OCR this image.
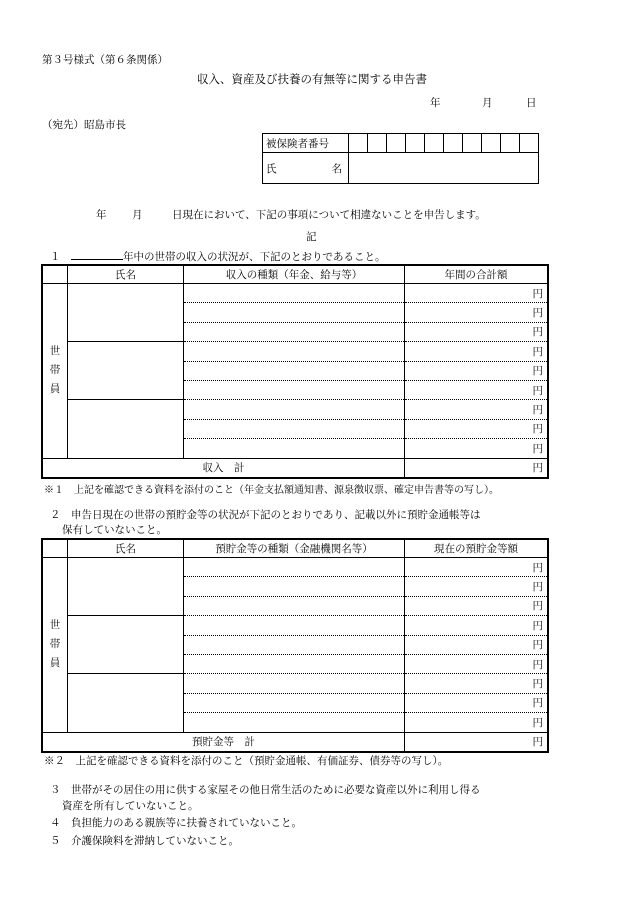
第３号様式（第６条関係）
収入、資産及び扶養の有無等に関する申告書
年	月	日
（宛先）昭島市長
被保険者番号										

氏 名										

年 月	日現在において、下記の事項について相違ないことを申告します。
記
１　	年中の世帯の収入の状況が、下記のとおりであること。
	氏名	収入の種類（年金、給与等）	年間の合計額
世
帯
員			円
			円
			円
			円
			円
			円
			円
			円
			円
収入　計			円
※１　上記を確認できる資料を添付のこと（年金支払額通知書、源泉徴収票、確定申告書等の写し）。
２　 申告日現在の世帯の預貯金等の状況が下記のとおりであり、記載以外に預貯金通帳等は
保有していないこと。
	氏名	預貯金等の種類（金融機関名等）	現在の預貯金等額
世
帯
員			円
			円
			円
			円
			円
			円
			円
			円
			円
預貯金等　計			円
※２　上記を確認できる資料を添付のこと（預貯金通帳、有価証券、債券等の写し）。
３　世帯がその居住の用に供する家屋その他日常生活のために必要な資産以外に利用し得る
資産を所有していないこと。
４　負担能力のある親族等に扶養されていないこと。
５　介護保険料を滞納していないこと。
